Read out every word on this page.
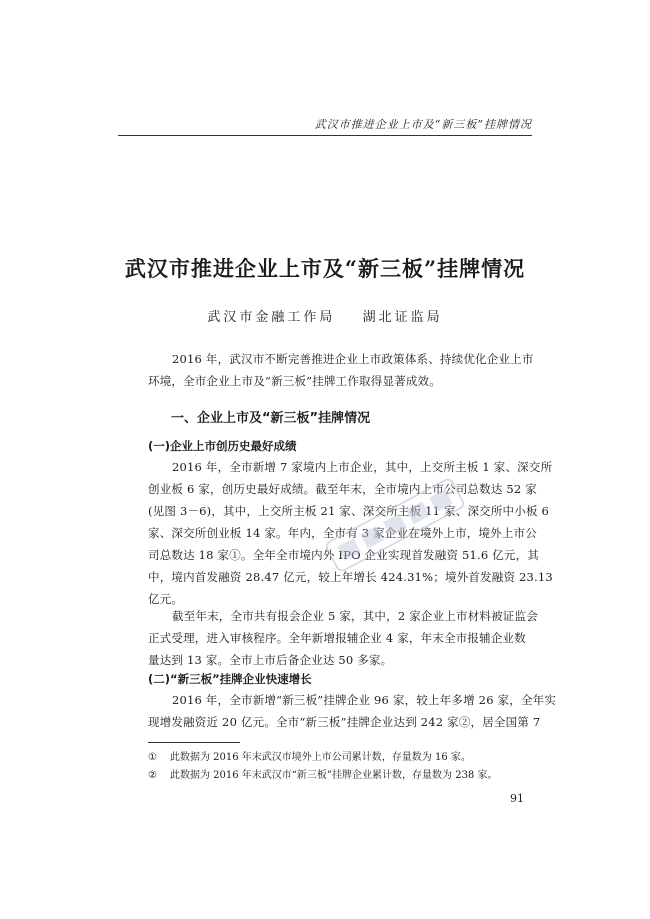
武汉市推进企业上市及“新三板”挂牌情况
武汉市推进企业上市及“新三板”挂牌情况
武汉市金融工作局 湖北证监局
2016 年，武汉市不断完善推进企业上市政策体系、持续优化企业上市
环境，全市企业上市及“新三板”挂牌工作取得显著成效。
一、企业上市及“新三板”挂牌情况
(一)企业上市创历史最好成绩
2016 年，全市新增 7 家境内上市企业，其中，上交所主板 1 家、深交所
创业板 6 家，创历史最好成绩。截至年末，全市境内上市公司总数达 52 家
(见图 3－6)，其中，上交所主板 21 家、深交所主板 11 家、深交所中小板 6
家、深交所创业板 14 家。年内，全市有 3 家企业在境外上市，境外上市公
司总数达 18 家①。全年全市境内外 IPO 企业实现首发融资 51.6 亿元，其
中，境内首发融资 28.47 亿元，较上年增长 424.31%；境外首发融资 23.13
亿元。
截至年末，全市共有报会企业 5 家，其中，2 家企业上市材料被证监会
正式受理，进入审核程序。全年新增报辅企业 4 家，年末全市报辅企业数
量达到 13 家。全市上市后备企业达 50 多家。
(二)“新三板”挂牌企业快速增长
2016 年，全市新增“新三板”挂牌企业 96 家，较上年多增 26 家，全年实
现增发融资近 20 亿元。全市“新三板”挂牌企业达到 242 家②，居全国第 7
① 此数据为 2016 年末武汉市境外上市公司累计数，存量数为 16 家。
② 此数据为 2016 年末武汉市“新三板”挂牌企业累计数，存量数为 238 家。
91
